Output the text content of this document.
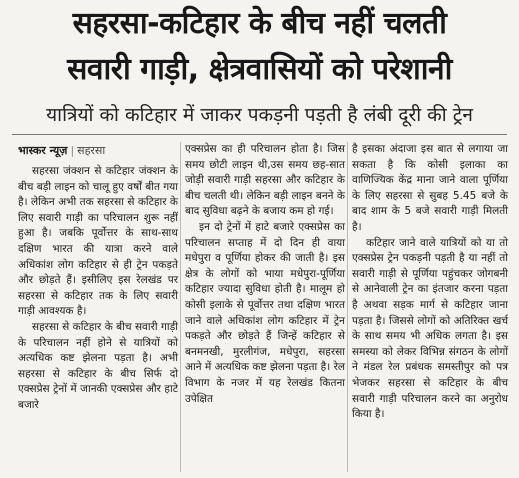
सहरसा-कटिहार के बीच नहीं चलती
सवारी गाड़ी, क्षेत्रवासियों को परेशानी
यात्रियों को कटिहार में जाकर पकड़नी पड़ती है लंबी दूरी की ट्रेन
भास्कर न्यूज़ | सहरसा

सहरसा जंक्शन से कटिहार जंक्शन के बीच बड़ी लाइन को चालू हुए वर्षों बीत गया है। लेकिन अभी तक सहरसा से कटिहार के लिए सवारी गाड़ी का परिचालन शुरू नहीं हुआ है। जबकि पूर्वोत्तर के साथ-साथ दक्षिण भारत की यात्रा करने वाले अधिकांश लोग कटिहार से ही ट्रेन पकड़ते और छोड़ते हैं। इसीलिए इस रेलखंड पर सहरसा से कटिहार तक के लिए सवारी गाड़ी आवश्यक है।

सहरसा से कटिहार के बीच सवारी गाड़ी के परिचालन नहीं होने से यात्रियों को अत्यधिक कष्ट झेलना पड़ता है। अभी सहरसा से कटिहार के बीच सिर्फ दो एक्सप्रेस ट्रेनों में जानकी एक्सप्रेस और हाटे बजारे

एक्सप्रेस का ही परिचालन होता है। जिस समय छोटी लाइन थी,उस समय छह-सात जोड़ी सवारी गाड़ी सहरसा और कटिहार के बीच चलती थी। लेकिन बड़ी लाइन बनने के बाद सुविधा बढ़ने के बजाय कम हो गई।

इन दो ट्रेनों में हाटे बजारे एक्सप्रेस का परिचालन सप्ताह में दो दिन ही वाया मधेपुरा व पूर्णिया होकर की जाती है। इस क्षेत्र के लोगों को भाया मधेपुरा-पूर्णिया कटिहार ज्यादा सुविधा होती है। मालूम हो कोसी इलाके से पूर्वोत्तर तथा दक्षिण भारत जाने वाले अधिकांश लोग कटिहार में ट्रेन पकड़ते और छोड़ते हैं जिन्हें कटिहार से बनमनखी, मुरलीगंज, मधेपुरा, सहरसा आने में अत्यधिक कष्ट झेलना पड़ता है। रेल विभाग के नजर में यह रेलखंड कितना उपेक्षित

है इसका अंदाजा इस बात से लगाया जा सकता है कि कोसी इलाका का वाणिज्यिक केंद्र माना जाने वाला पूर्णिया के लिए सहरसा से सुबह 5.45 बजे के बाद शाम के 5 बजे सवारी गाड़ी मिलती है।

कटिहार जाने वाले यात्रियों को या तो एक्सप्रेस ट्रेन पकड़नी पड़ती है या नहीं तो सवारी गाड़ी से पूर्णिया पहुंचकर जोगबनी से आनेवाली ट्रेन का इंतजार करना पड़ता है अथवा सड़क मार्ग से कटिहार जाना पड़ता है। जिससे लोगों को अतिरिक्त खर्च के साथ समय भी अधिक लगता है। इस समस्या को लेकर विभिन्न संगठन के लोगों ने मंडल रेल प्रबंधक समस्तीपुर को पत्र भेजकर सहरसा से कटिहार के बीच सवारी गाड़ी परिचालन करने का अनुरोध किया है।
